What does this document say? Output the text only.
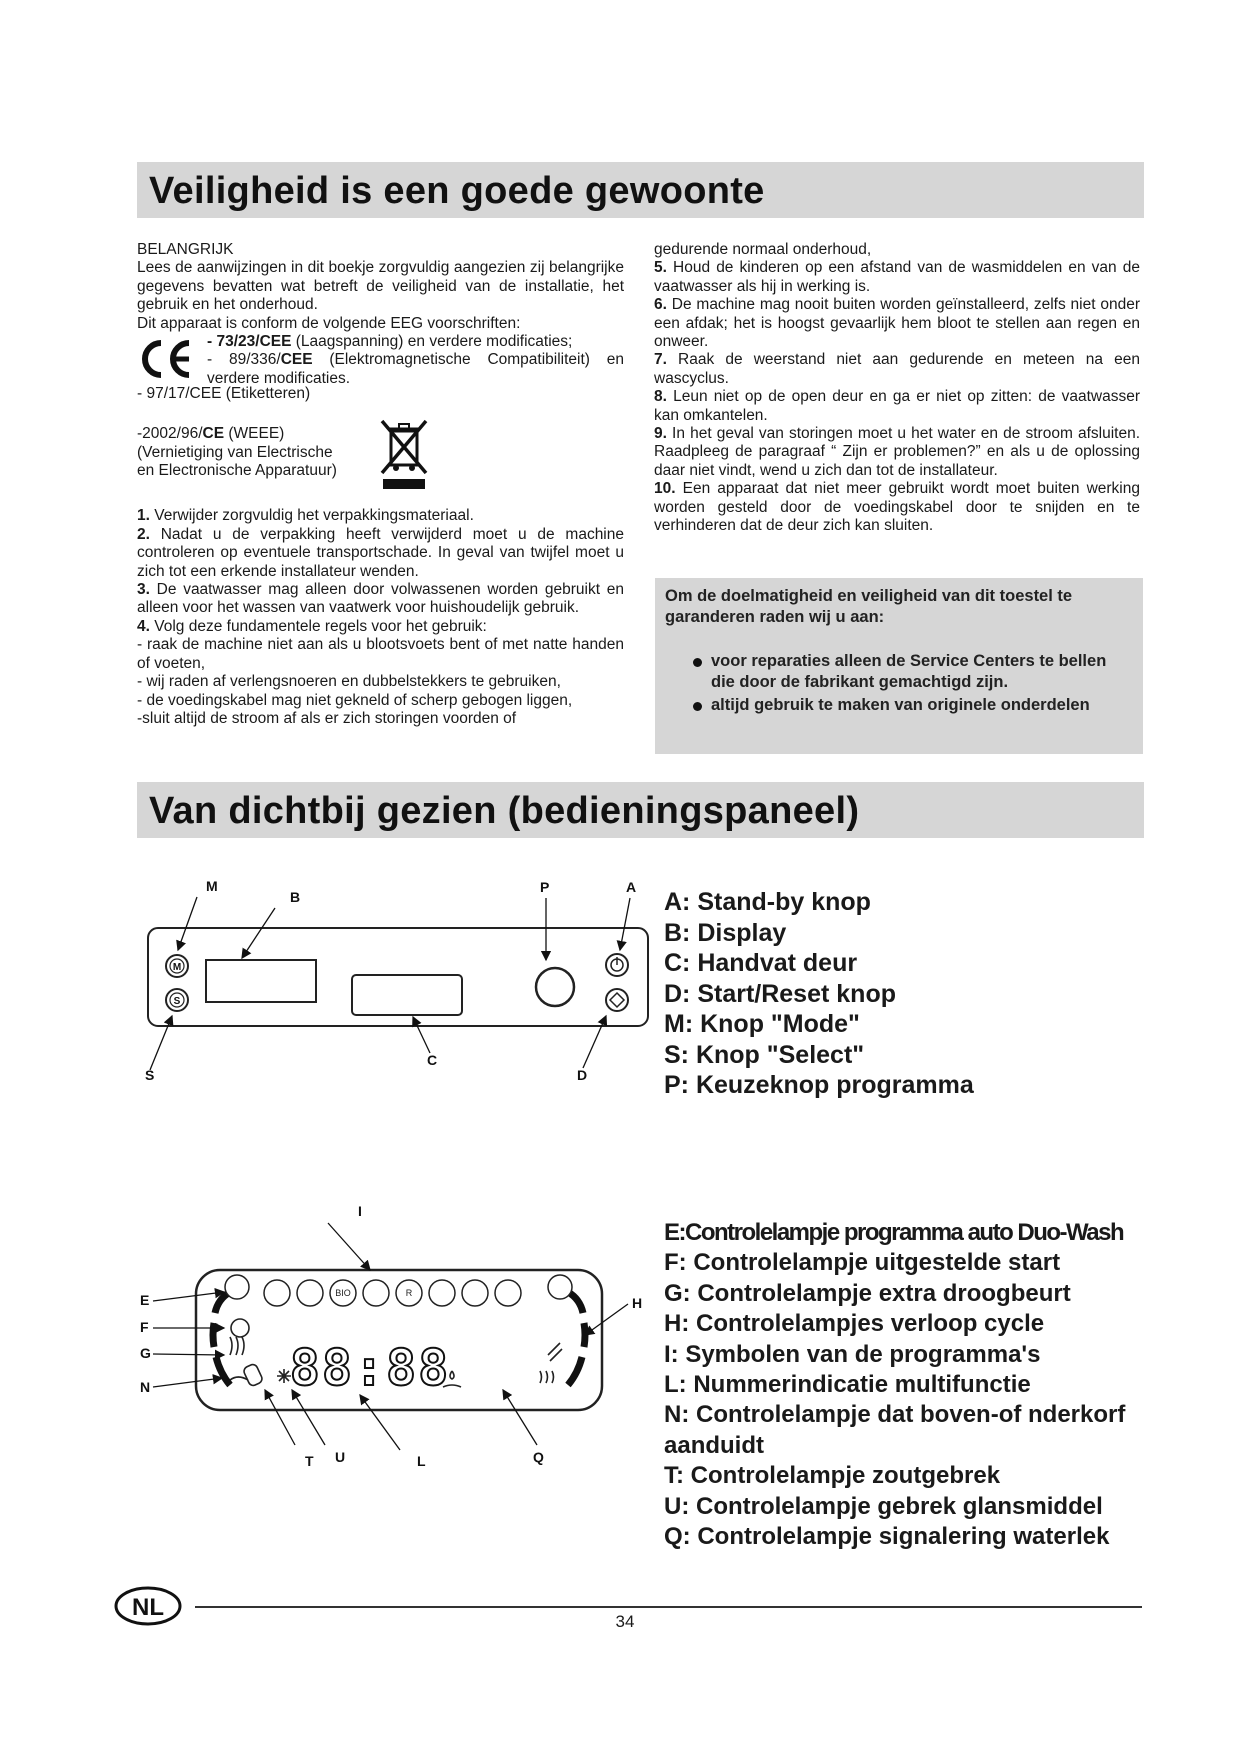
Veiligheid is een goede gewoonte

BELANGRIJK

Lees de aanwijzingen in dit boekje zorgvuldig aangezien zij belangrijke gegevens bevatten wat betreft de veiligheid van de installatie, het gebruik en het onderhoud.

Dit apparaat is conform de volgende EEG voorschriften:

- 73/23/CEE (Laagspanning) en verdere modificaties;

- 89/336/CEE (Elektromagnetische Compatibiliteit) en verdere modificaties.

- 97/17/CEE (Etiketteren)

-2002/96/CE (WEEE)

(Vernietiging van Electrische

en Electronische Apparatuur)

1. Verwijder zorgvuldig het verpakkingsmateriaal.

2. Nadat u de verpakking heeft verwijderd moet u de machine controleren op eventuele transportschade. In geval van twijfel moet u zich tot een erkende installateur wenden.

3. De vaatwasser mag alleen door volwassenen worden gebruikt en alleen voor het wassen van vaatwerk voor huishoudelijk gebruik.

4. Volg deze fundamentele regels voor het gebruik:

- raak de machine niet aan als u blootsvoets bent of met natte handen of voeten,

- wij raden af verlengsnoeren en dubbelstekkers te gebruiken,

- de voedingskabel mag niet gekneld of scherp gebogen liggen,

-sluit altijd de stroom af als er zich storingen voorden of

gedurende normaal onderhoud,

5. Houd de kinderen op een afstand van de wasmiddelen en van de vaatwasser als hij in werking is.

6. De machine mag nooit buiten worden geïnstalleerd, zelfs niet onder een afdak; het is hoogst gevaarlijk hem bloot te stellen aan regen en onweer.

7. Raak de weerstand niet aan gedurende en meteen na een wascyclus.

8. Leun niet op de open deur en ga er niet op zitten: de vaatwasser kan omkantelen.

9. In het geval van storingen moet u het water en de stroom afsluiten. Raadpleeg de paragraaf “ Zijn er problemen?” en als u de oplossing daar niet vindt, wend u zich dan tot de installateur.

10. Een apparaat dat niet meer gebruikt wordt moet buiten werking worden gesteld door de voedingskabel door te snijden en te verhinderen dat de deur zich kan sluiten.

Om de doelmatigheid en veiligheid van dit toestel te garanderen raden wij u aan:
voor reparaties alleen de Service Centers te bellen die door de fabrikant gemachtigd zijn.
altijd gebruik te maken van originele onderdelen
Van dichtbij gezien (bedieningspaneel)
M
S
M
B
P	A
S
C
D
A: Stand-by knop
B: Display
C: Handvat deur
D: Start/Reset knop
M: Knop "Mode"
S: Knop "Select"
P: Keuzeknop programma
BIO	R
88:88
I
E
F
G
N
H
T U	L	Q
E:Controlelampje programma auto Duo-Wash
F: Controlelampje uitgestelde start
G: Controlelampje extra droogbeurt
H: Controlelampjes verloop cycle
I: Symbolen van de programma's
L: Nummerindicatie multifunctie
N: Controlelampje dat boven-of nderkorf aanduidt
T: Controlelampje zoutgebrek
U: Controlelampje gebrek glansmiddel
Q: Controlelampje signalering waterlek
NL
34
